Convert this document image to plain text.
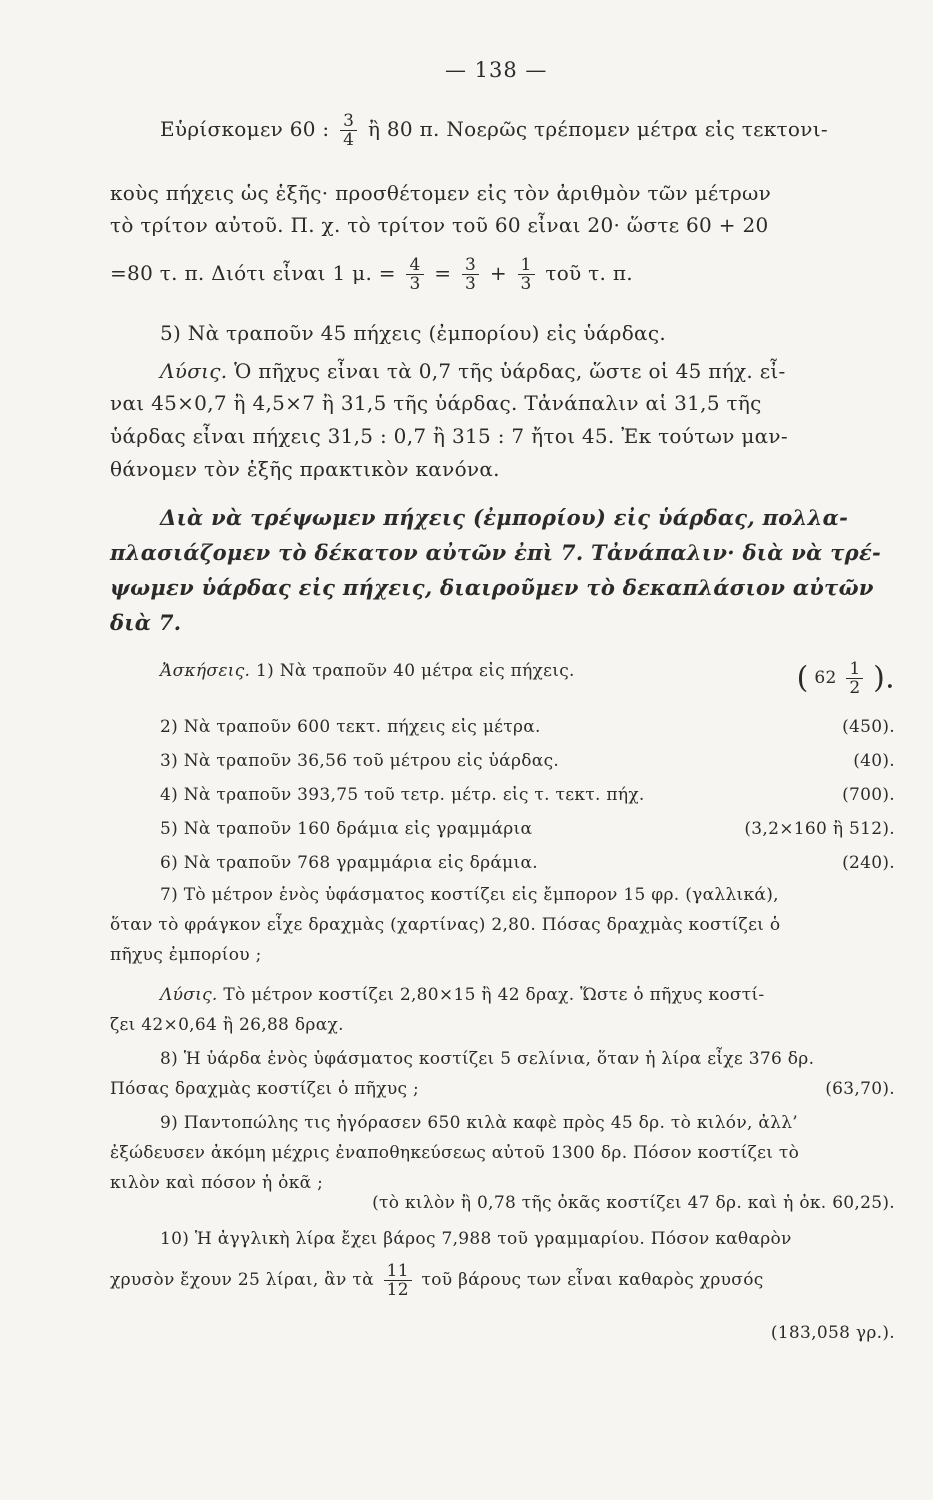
— 138 —
Εὑρίσκομεν 60 : $\frac{3}{4}$ ἢ 80 π. Νοερῶς τρέπομεν μέτρα εἰς τεκτονι-
κοὺς πήχεις ὡς ἑξῆς· προσθέτομεν εἰς τὸν ἀριθμὸν τῶν μέτρων
τὸ τρίτον αὐτοῦ. Π. χ. τὸ τρίτον τοῦ 60 εἶναι 20· ὥστε 60 + 20
=80 τ. π. Διότι εἶναι 1 μ. = $\frac{4}{3} = \frac{3}{3} + \frac{1}{3}$ τοῦ τ. π.
5) Νὰ τραποῦν 45 πήχεις (ἐμπορίου) εἰς ὑάρδας.
Λύσις. Ὁ πῆχυς εἶναι τὰ 0,7 τῆς ὑάρδας, ὥστε οἱ 45 πήχ. εἶ-
ναι 45×0,7 ἢ 4,5×7 ἢ 31,5 τῆς ὑάρδας. Τἀνάπαλιν αἱ 31,5 τῆς
ὑάρδας εἶναι πήχεις 31,5 : 0,7 ἢ 315 : 7 ἤτοι 45. Ἐκ τούτων μαν-
θάνομεν τὸν ἑξῆς πρακτικὸν κανόνα.
Διὰ νὰ τρέψωμεν πήχεις (ἐμπορίου) εἰς ὑάρδας, πολλα-
πλασιάζομεν τὸ δέκατον αὐτῶν ἐπὶ 7. Τἀνάπαλιν· διὰ νὰ τρέ-
ψωμεν ὑάρδας εἰς πήχεις, διαιροῦμεν τὸ δεκαπλάσιον αὐτῶν
διὰ 7.
Ἀσκήσεις. 1) Νὰ τραποῦν 40 μέτρα εἰς πήχεις.	( $62 \frac{1}{2}$ ).
2) Νὰ τραποῦν 600 τεκτ. πήχεις εἰς μέτρα.	(450).
3) Νὰ τραποῦν 36,56 τοῦ μέτρου εἰς ὑάρδας.	(40).
4) Νὰ τραποῦν 393,75 τοῦ τετρ. μέτρ. εἰς τ. τεκτ. πήχ.	(700).
5) Νὰ τραποῦν 160 δράμια εἰς γραμμάρια	(3,2×160 ἢ 512).
6) Νὰ τραποῦν 768 γραμμάρια εἰς δράμια.	(240).
7) Τὸ μέτρον ἑνὸς ὑφάσματος κοστίζει εἰς ἔμπορον 15 φρ. (γαλλικά),
ὅταν τὸ φράγκον εἶχε δραχμὰς (χαρτίνας) 2,80. Πόσας δραχμὰς κοστίζει ὁ
πῆχυς ἐμπορίου ;
Λύσις. Τὸ μέτρον κοστίζει 2,80×15 ἢ 42 δραχ. Ὥστε ὁ πῆχυς κοστί-
ζει 42×0,64 ἢ 26,88 δραχ.
8) Ἡ ὑάρδα ἑνὸς ὑφάσματος κοστίζει 5 σελίνια, ὅταν ἡ λίρα εἶχε 376 δρ.
Πόσας δραχμὰς κοστίζει ὁ πῆχυς ;	(63,70).
9) Παντοπώλης τις ἠγόρασεν 650 κιλὰ καφὲ πρὸς 45 δρ. τὸ κιλόν, ἀλλ’
ἐξώδευσεν ἀκόμη μέχρις ἐναποθηκεύσεως αὐτοῦ 1300 δρ. Πόσον κοστίζει τὸ
κιλὸν καὶ πόσον ἡ ὀκᾶ ;
(τὸ κιλὸν ἢ 0,78 τῆς ὀκᾶς κοστίζει 47 δρ. καὶ ἡ ὀκ. 60,25).
10) Ἡ ἀγγλικὴ λίρα ἔχει βάρος 7,988 τοῦ γραμμαρίου. Πόσον καθαρὸν
χρυσὸν ἔχουν 25 λίραι, ἂν τὰ $\frac{11}{12}$ τοῦ βάρους των εἶναι καθαρὸς χρυσός
(183,058 γρ.).
